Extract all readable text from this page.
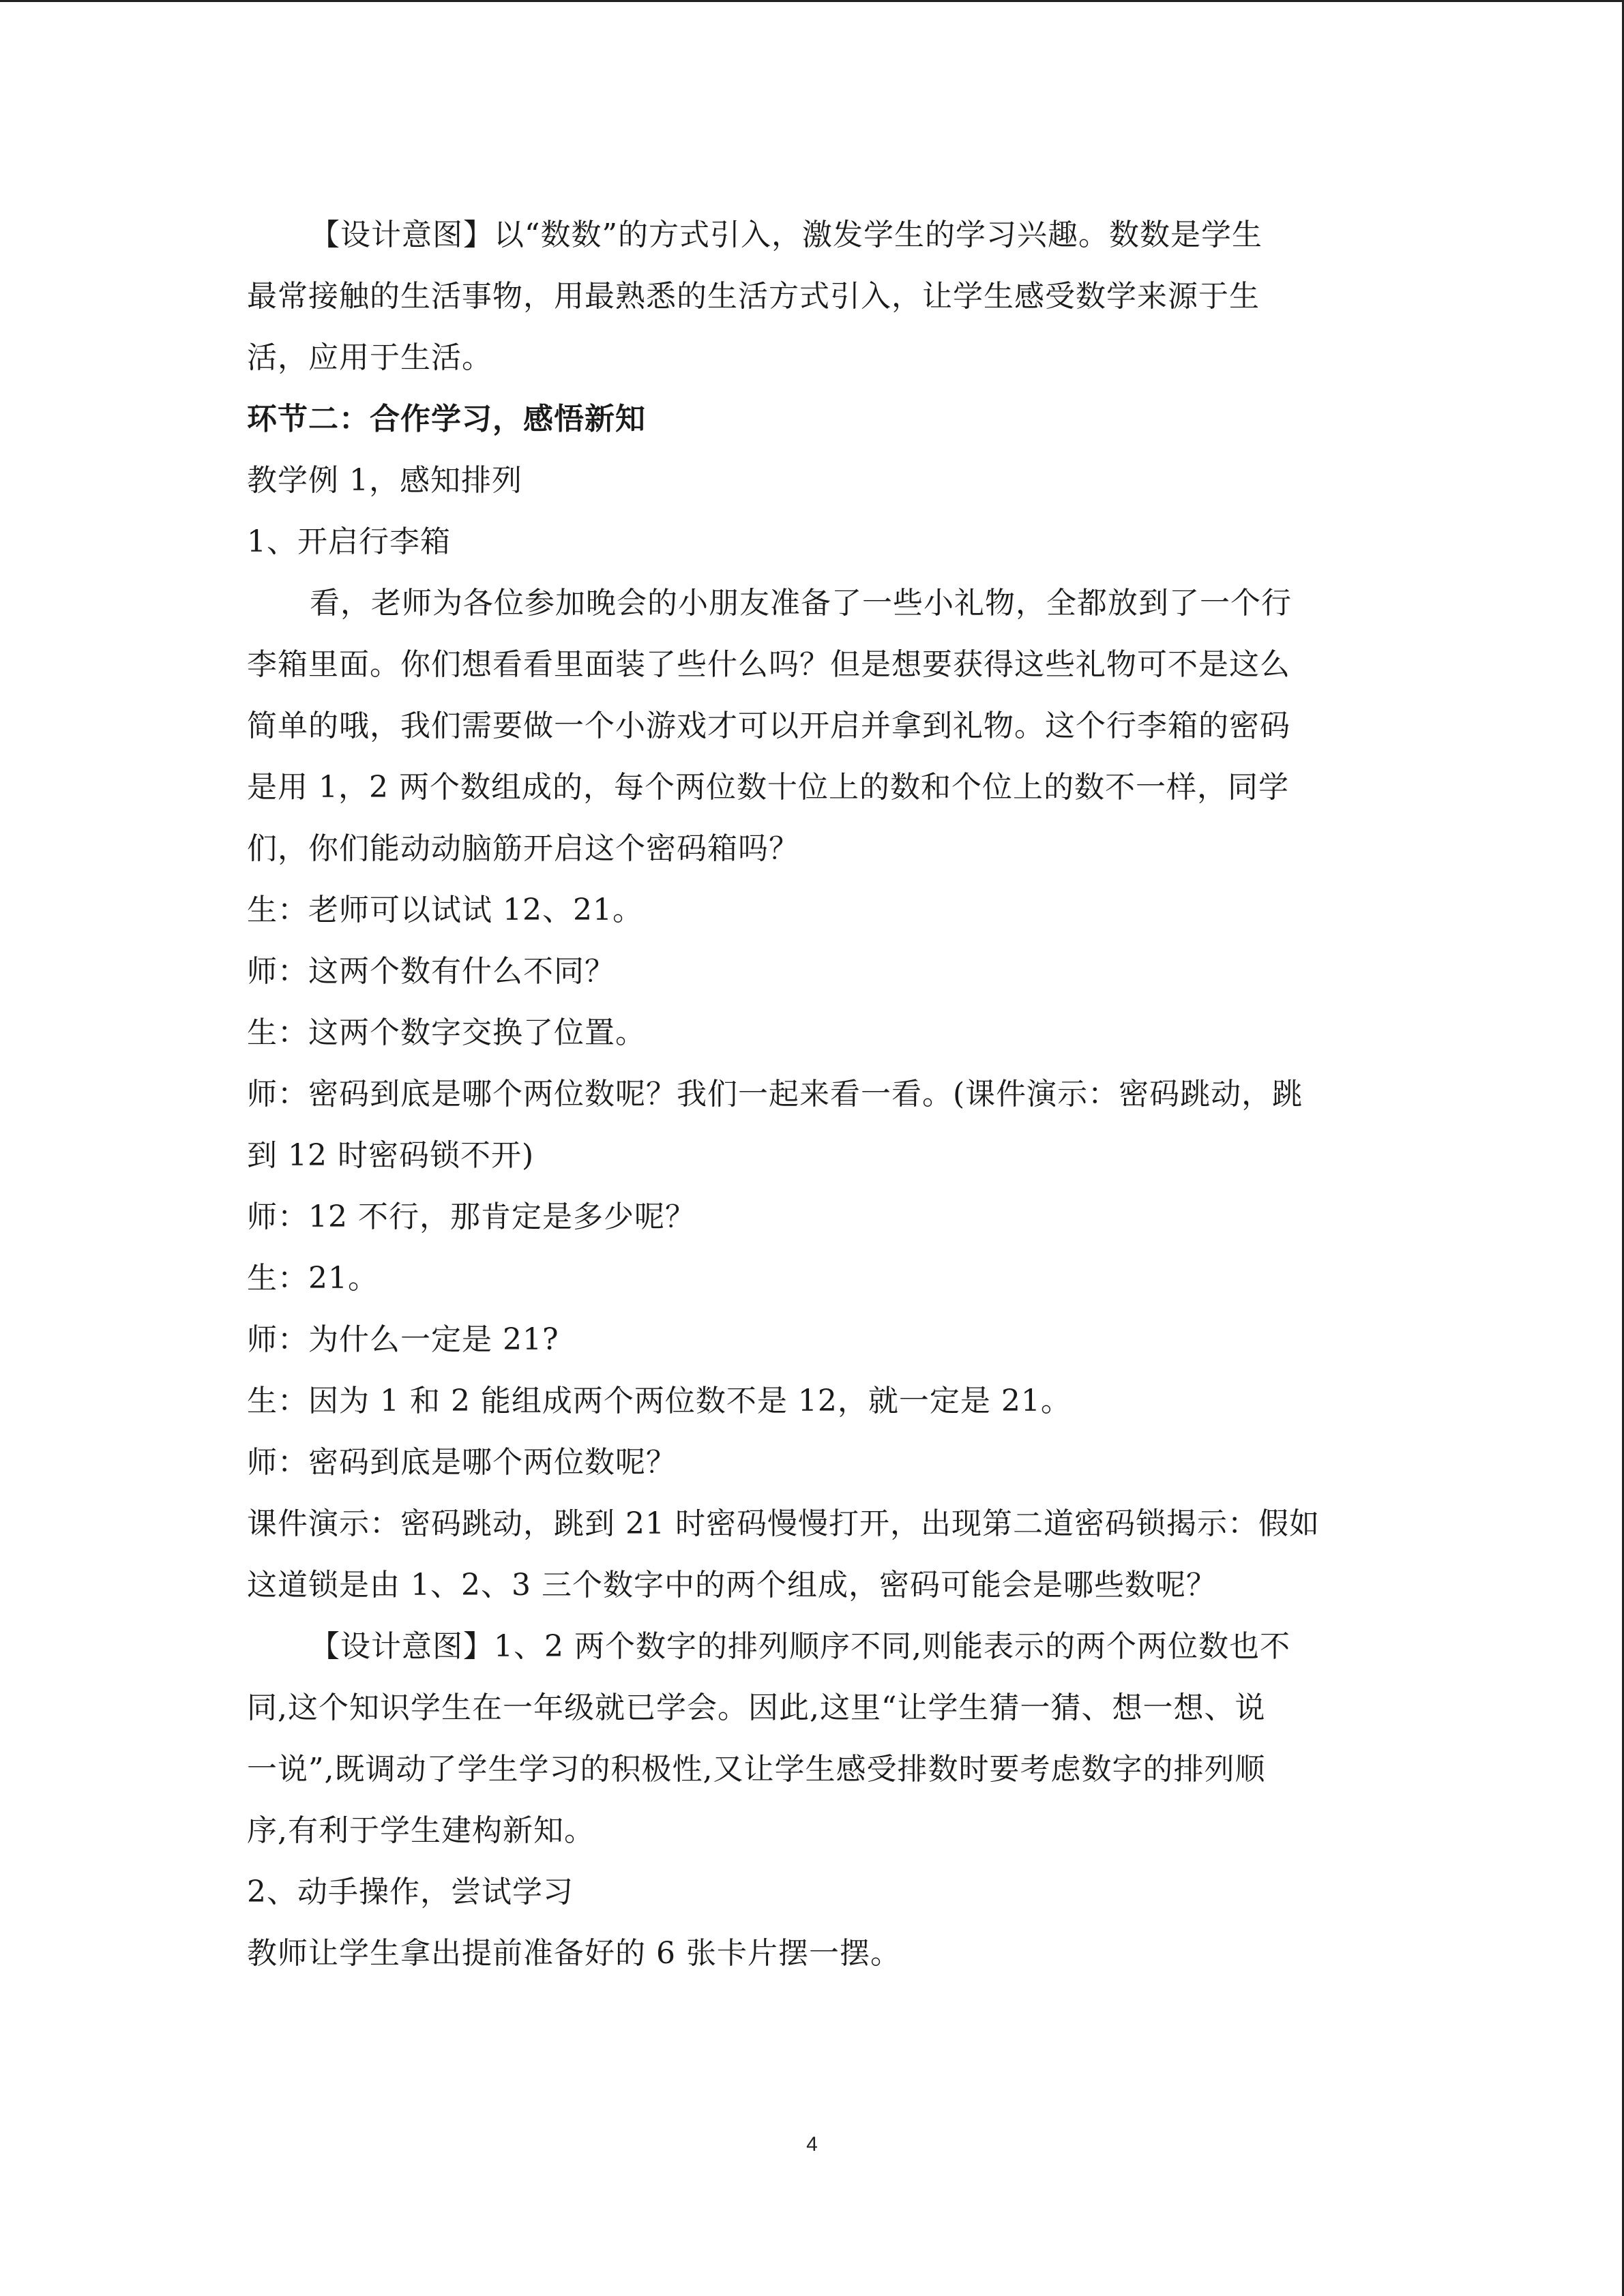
【设计意图】以“数数”的方式引入，激发学生的学习兴趣。数数是学生
最常接触的生活事物，用最熟悉的生活方式引入，让学生感受数学来源于生
活，应用于生活。
环节二：合作学习，感悟新知
教学例 1，感知排列
1、开启行李箱
看，老师为各位参加晚会的小朋友准备了一些小礼物，全都放到了一个行
李箱里面。你们想看看里面装了些什么吗？但是想要获得这些礼物可不是这么
简单的哦，我们需要做一个小游戏才可以开启并拿到礼物。这个行李箱的密码
是用 1，2 两个数组成的，每个两位数十位上的数和个位上的数不一样，同学
们，你们能动动脑筋开启这个密码箱吗？
生：老师可以试试 12、21。
师：这两个数有什么不同？
生：这两个数字交换了位置。
师：密码到底是哪个两位数呢？我们一起来看一看。(课件演示：密码跳动，跳
到 12 时密码锁不开)
师：12 不行，那肯定是多少呢？
生：21。
师：为什么一定是 21?
生：因为 1 和 2 能组成两个两位数不是 12，就一定是 21。
师：密码到底是哪个两位数呢？
课件演示：密码跳动，跳到 21 时密码慢慢打开，出现第二道密码锁揭示：假如
这道锁是由 1、2、3 三个数字中的两个组成，密码可能会是哪些数呢？
【设计意图】1、2 两个数字的排列顺序不同,则能表示的两个两位数也不
同,这个知识学生在一年级就已学会。因此,这里“让学生猜一猜、想一想、说
一说”,既调动了学生学习的积极性,又让学生感受排数时要考虑数字的排列顺
序,有利于学生建构新知。
2、动手操作，尝试学习
教师让学生拿出提前准备好的 6 张卡片摆一摆。
4
